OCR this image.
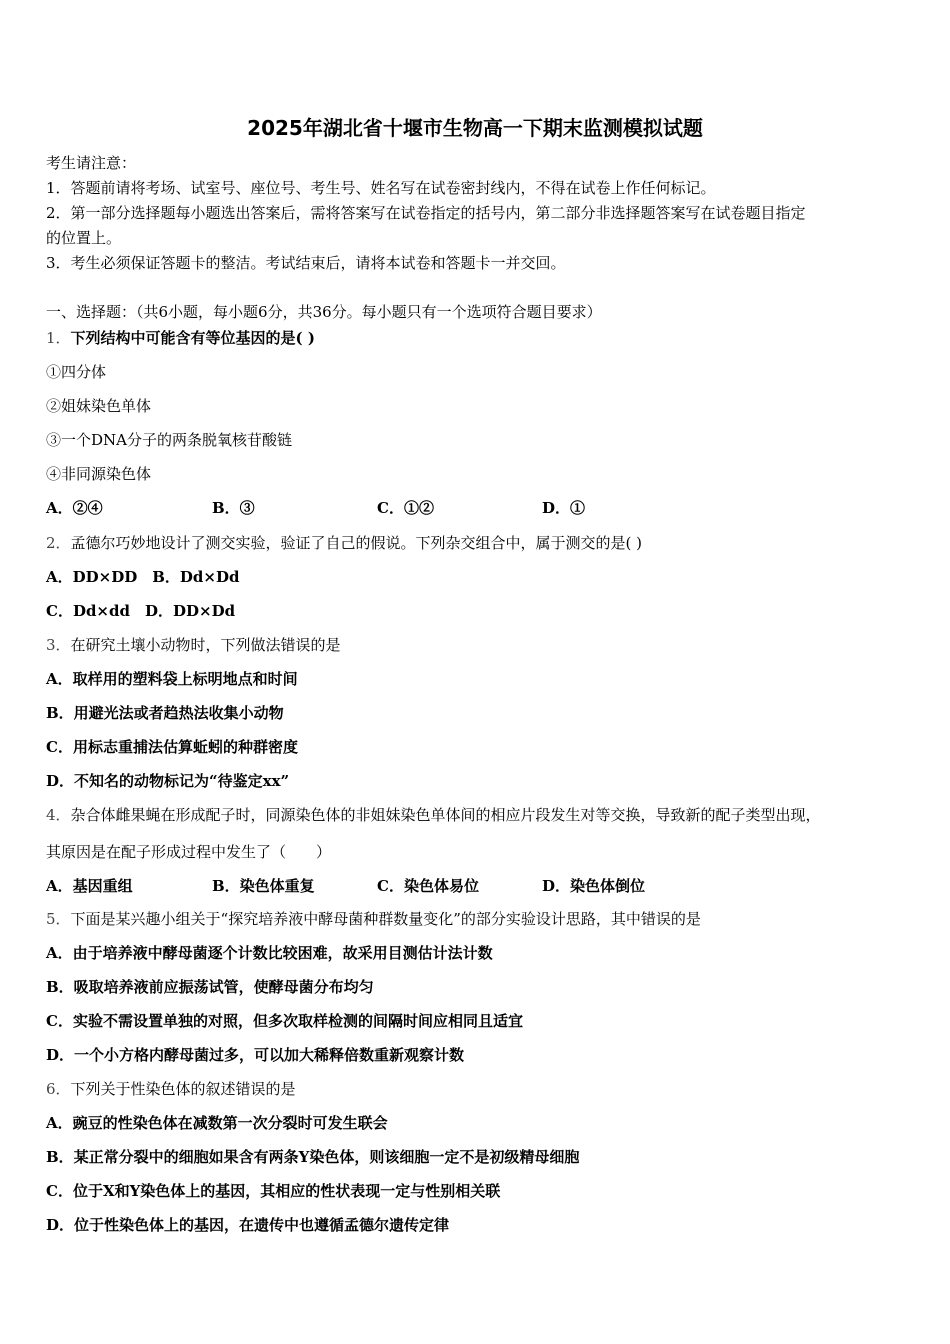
2025年湖北省十堰市生物高一下期末监测模拟试题
考生请注意：
1．答题前请将考场、试室号、座位号、考生号、姓名写在试卷密封线内，不得在试卷上作任何标记。
2．第一部分选择题每小题选出答案后，需将答案写在试卷指定的括号内，第二部分非选择题答案写在试卷题目指定
的位置上。
3．考生必须保证答题卡的整洁。考试结束后，请将本试卷和答题卡一并交回。
一、选择题：（共6小题，每小题6分，共36分。每小题只有一个选项符合题目要求）
1．下列结构中可能含有等位基因的是( )
①四分体
②姐妹染色单体
③一个DNA分子的两条脱氧核苷酸链
④非同源染色体
A．②④	B．③	C．①②	D．①
2．孟德尔巧妙地设计了测交实验，验证了自己的假说。下列杂交组合中，属于测交的是( )
A．DD×DD　B．Dd×Dd
C．Dd×dd　D．DD×Dd
3．在研究土壤小动物时，下列做法错误的是
A．取样用的塑料袋上标明地点和时间
B．用避光法或者趋热法收集小动物
C．用标志重捕法估算蚯蚓的种群密度
D．不知名的动物标记为“待鉴定xx”
4．杂合体雌果蝇在形成配子时，同源染色体的非姐妹染色单体间的相应片段发生对等交换，导致新的配子类型出现，
其原因是在配子形成过程中发生了（　　）
A．基因重组	B．染色体重复	C．染色体易位	D．染色体倒位
5．下面是某兴趣小组关于“探究培养液中酵母菌种群数量变化”的部分实验设计思路，其中错误的是
A．由于培养液中酵母菌逐个计数比较困难，故采用目测估计法计数
B．吸取培养液前应振荡试管，使酵母菌分布均匀
C．实验不需设置单独的对照，但多次取样检测的间隔时间应相同且适宜
D．一个小方格内酵母菌过多，可以加大稀释倍数重新观察计数
6．下列关于性染色体的叙述错误的是
A．豌豆的性染色体在减数第一次分裂时可发生联会
B．某正常分裂中的细胞如果含有两条Y染色体，则该细胞一定不是初级精母细胞
C．位于X和Y染色体上的基因，其相应的性状表现一定与性别相关联
D．位于性染色体上的基因，在遗传中也遵循孟德尔遗传定律
